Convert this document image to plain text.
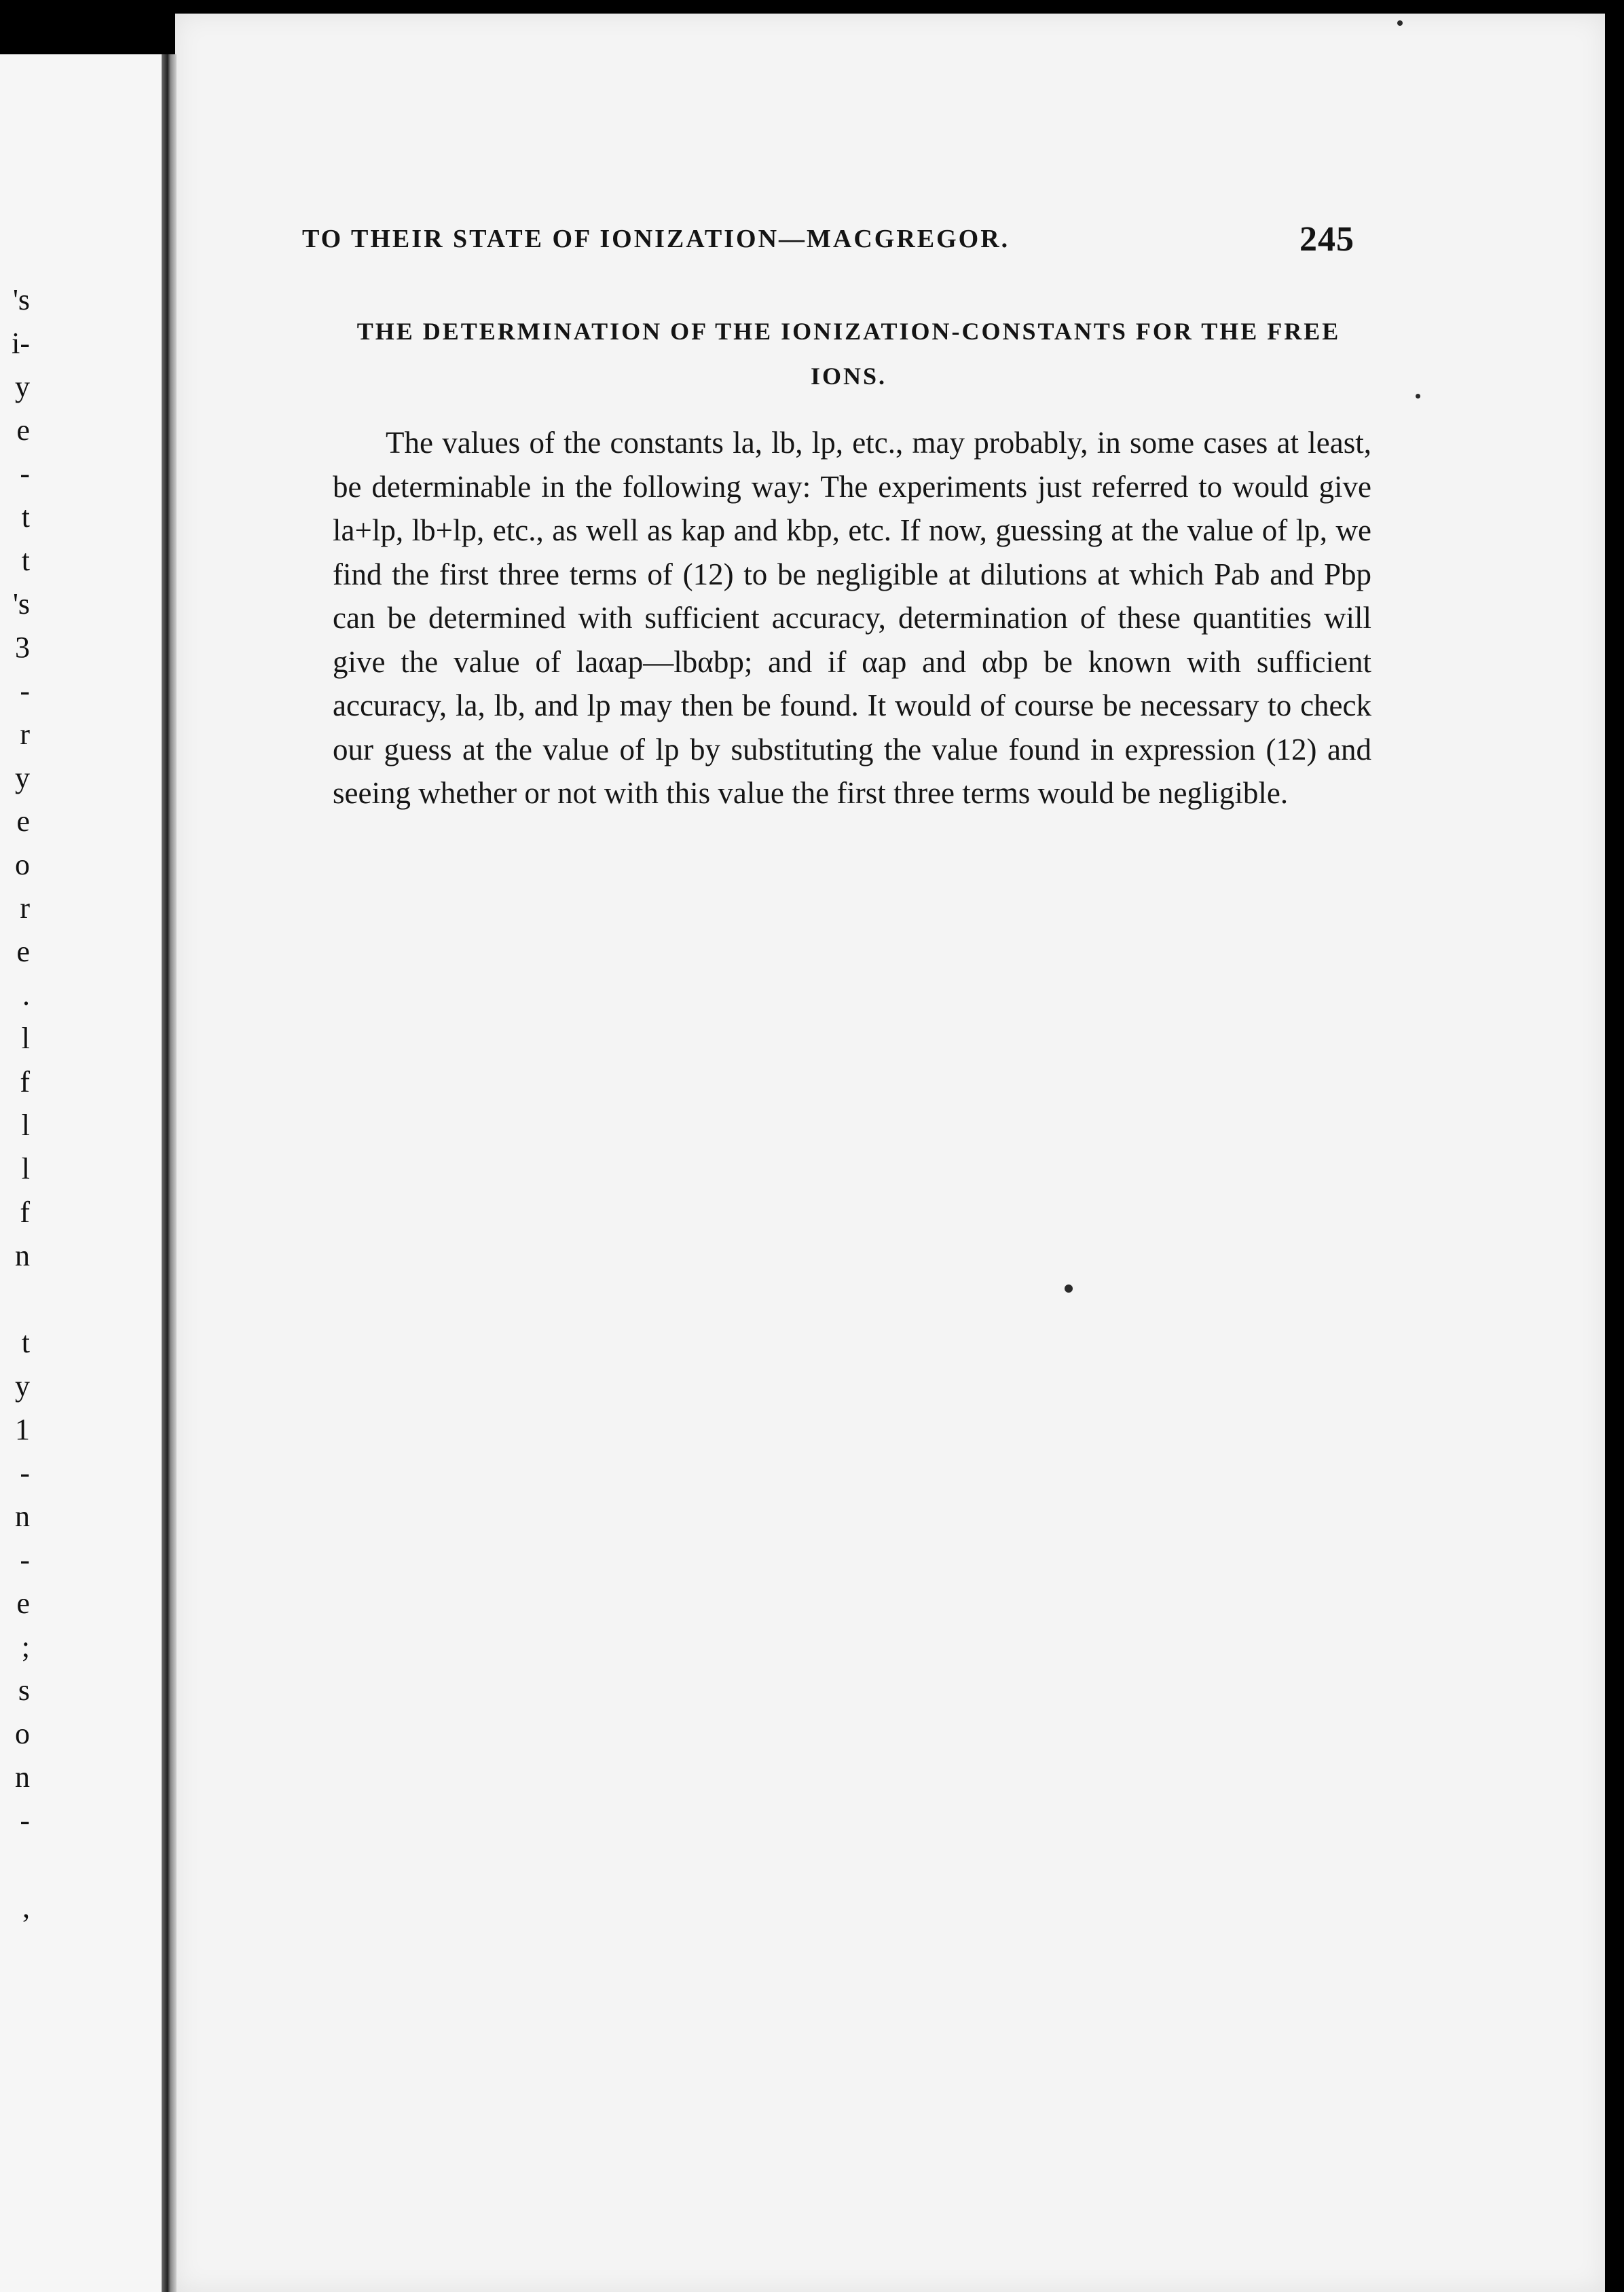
's
i-
y
e
-
t
t
's
3
-
r
y
e
o
r
e
.
l
f
l
l
f
n
t
y
1
-
n
-
e
;
s
o
n
-
,
TO THEIR STATE OF IONIZATION—MACGREGOR.	245
THE DETERMINATION OF THE IONIZATION-CONSTANTS FOR THE FREE IONS.

The values of the constants la, lb, lp, etc., may probably, in some cases at least, be determinable in the following way: The experiments just referred to would give la+lp, lb+lp, etc., as well as kap and kbp, etc. If now, guessing at the value of lp, we find the first three terms of (12) to be negligible at dilutions at which Pab and Pbp can be determined with sufficient accuracy, determination of these quantities will give the value of laαap—lbαbp; and if αap and αbp be known with sufficient accuracy, la, lb, and lp may then be found. It would of course be necessary to check our guess at the value of lp by substituting the value found in expression (12) and seeing whether or not with this value the first three terms would be negligible.
